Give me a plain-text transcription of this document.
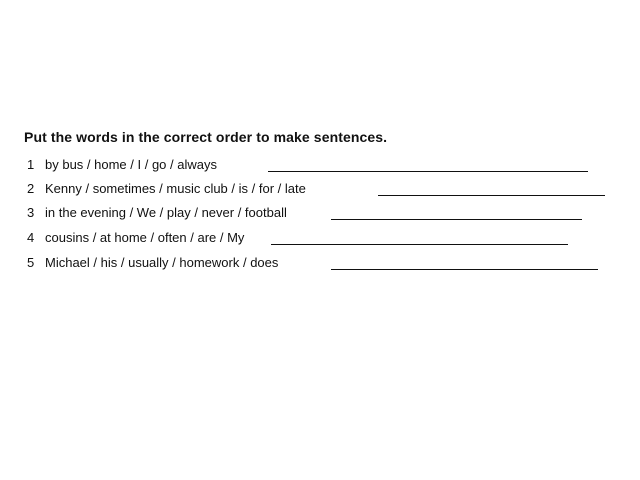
Put the words in the correct order to make sentences.
1 by bus / home / I / go / always
2 Kenny / sometimes / music club / is / for / late
3 in the evening / We / play / never / football
4 cousins / at home / often / are / My
5 Michael / his / usually / homework / does
